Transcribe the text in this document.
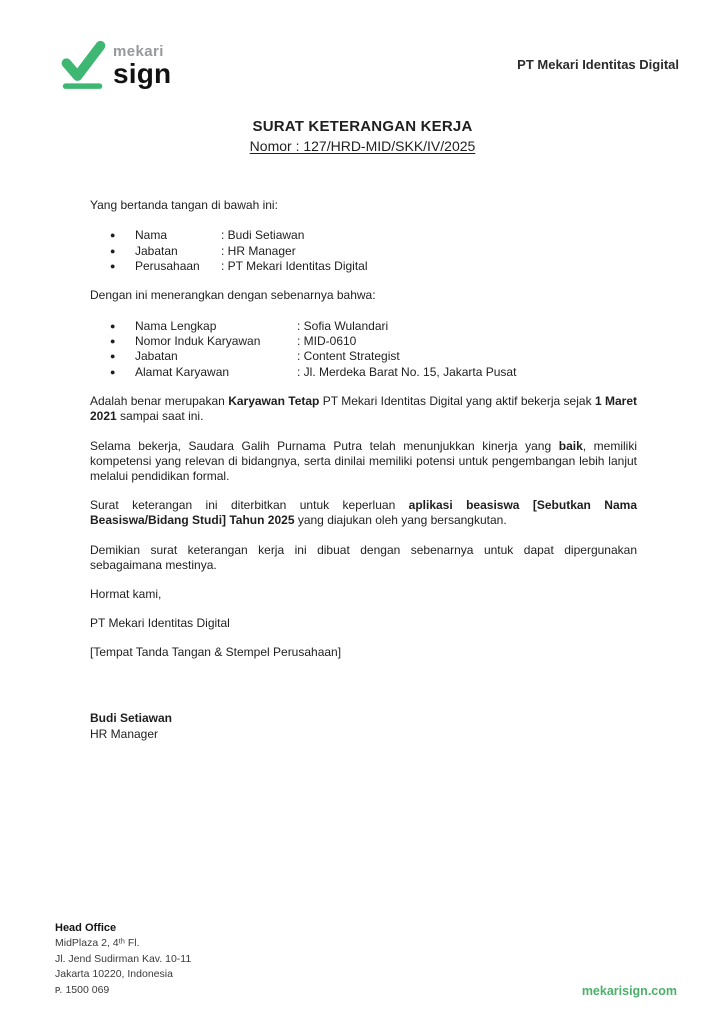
mekari
sign	PT Mekari Identitas Digital
SURAT KETERANGAN KERJA
Nomor : 127/HRD-MID/SKK/IV/2025

Yang bertanda tangan di bawah ini:

●	Nama	: Budi Setiawan
●	Jabatan	: HR Manager
●	Perusahaan	: PT Mekari Identitas Digital

Dengan ini menerangkan dengan sebenarnya bahwa:

●	Nama Lengkap	: Sofia Wulandari
●	Nomor Induk Karyawan	: MID-0610
●	Jabatan	: Content Strategist
●	Alamat Karyawan	: Jl. Merdeka Barat No. 15, Jakarta Pusat

Adalah benar merupakan Karyawan Tetap PT Mekari Identitas Digital yang aktif bekerja sejak 1 Maret 2021 sampai saat ini.

Selama bekerja, Saudara Galih Purnama Putra telah menunjukkan kinerja yang baik, memiliki kompetensi yang relevan di bidangnya, serta dinilai memiliki potensi untuk pengembangan lebih lanjut melalui pendidikan formal.

Surat keterangan ini diterbitkan untuk keperluan aplikasi beasiswa [Sebutkan Nama Beasiswa/Bidang Studi] Tahun 2025 yang diajukan oleh yang bersangkutan.

Demikian surat keterangan kerja ini dibuat dengan sebenarnya untuk dapat dipergunakan sebagaimana mestinya.

Hormat kami,

PT Mekari Identitas Digital

[Tempat Tanda Tangan & Stempel Perusahaan]

Budi Setiawan
HR Manager
Head Office
MidPlaza 2, 4ᵗʰ Fl.
Jl. Jend Sudirman Kav. 10-11
Jakarta 10220, Indonesia
P. 1500 069	mekarisign.com
